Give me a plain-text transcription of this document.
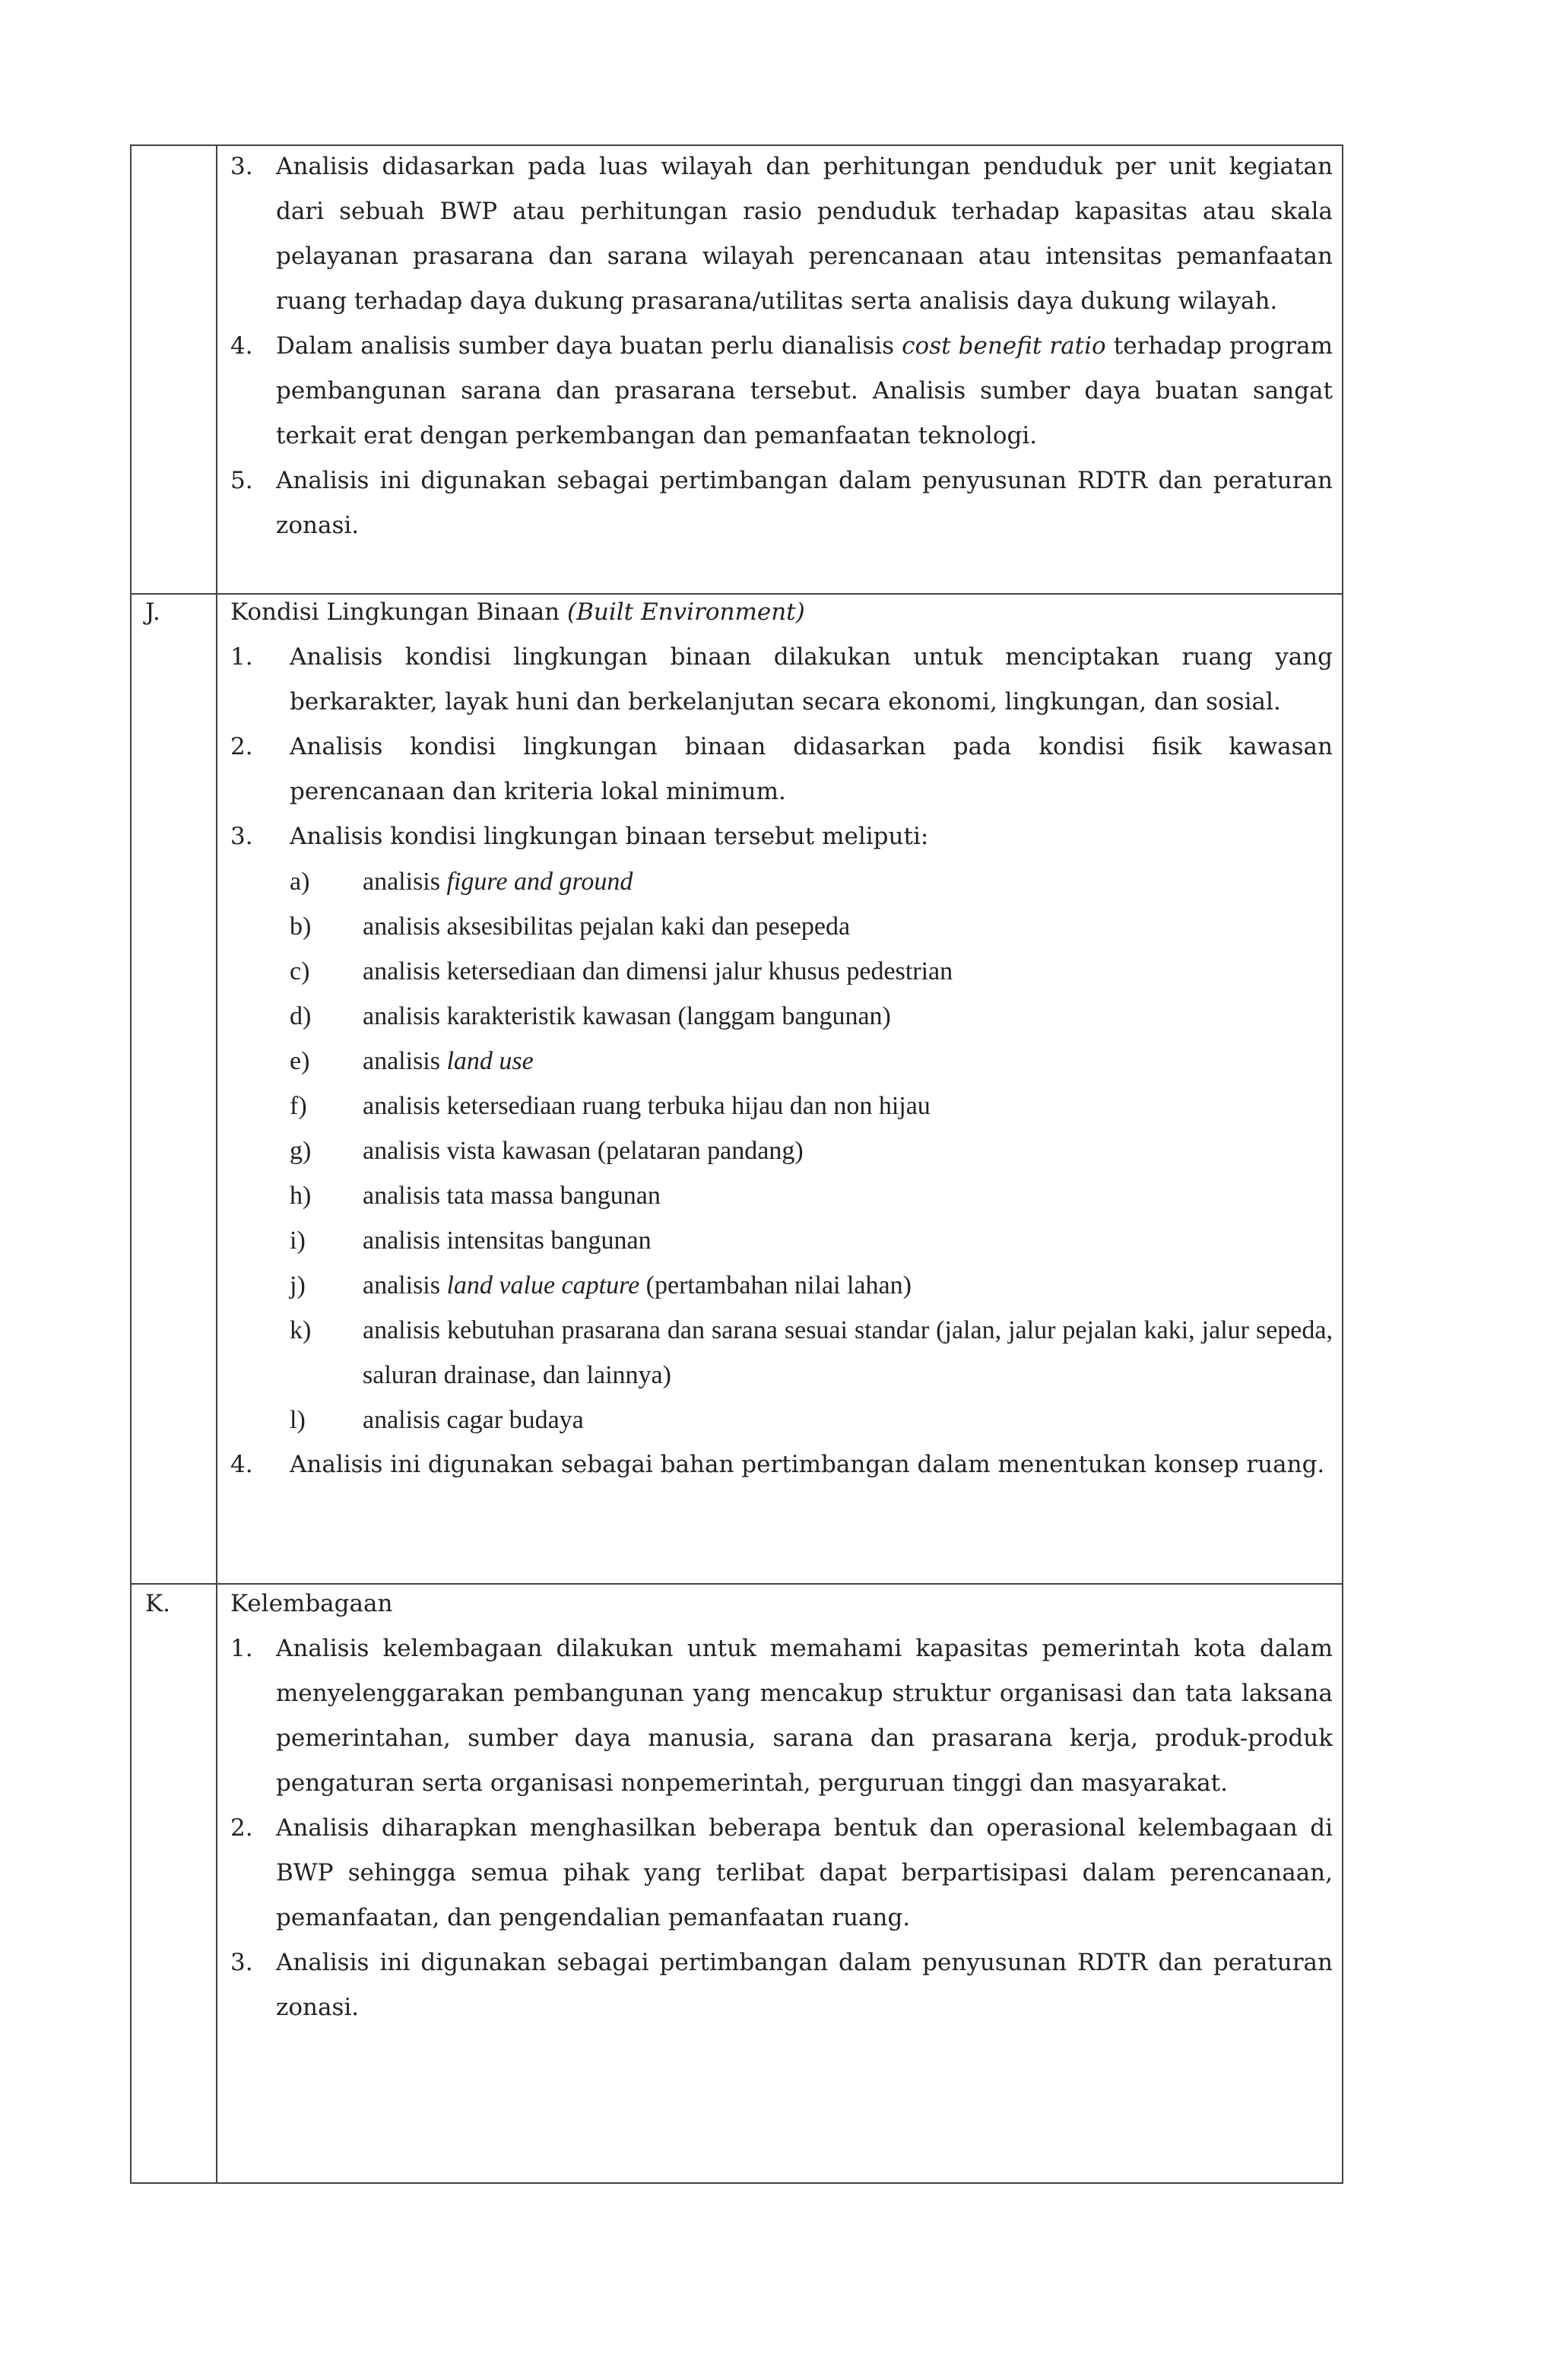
3. Analisis didasarkan pada luas wilayah dan perhitungan penduduk per unit kegiatan dari sebuah BWP atau perhitungan rasio penduduk terhadap kapasitas atau skala pelayanan prasarana dan sarana wilayah perencanaan atau intensitas pemanfaatan ruang terhadap daya dukung prasarana/utilitas serta analisis daya dukung wilayah.
4. Dalam analisis sumber daya buatan perlu dianalisis cost benefit ratio terhadap program pembangunan sarana dan prasarana tersebut. Analisis sumber daya buatan sangat terkait erat dengan perkembangan dan pemanfaatan teknologi.
5. Analisis ini digunakan sebagai pertimbangan dalam penyusunan RDTR dan peraturan zonasi.

J.	Kondisi Lingkungan Binaan (Built Environment)

1. Analisis kondisi lingkungan binaan dilakukan untuk menciptakan ruang yang berkarakter, layak huni dan berkelanjutan secara ekonomi, lingkungan, dan sosial.
2. Analisis kondisi lingkungan binaan didasarkan pada kondisi fisik kawasan perencanaan dan kriteria lokal minimum.
3. Analisis kondisi lingkungan binaan tersebut meliputi:
a) analisis figure and ground
b) analisis aksesibilitas pejalan kaki dan pesepeda
c) analisis ketersediaan dan dimensi jalur khusus pedestrian
d) analisis karakteristik kawasan (langgam bangunan)
e) analisis land use
f) analisis ketersediaan ruang terbuka hijau dan non hijau
g) analisis vista kawasan (pelataran pandang)
h) analisis tata massa bangunan
i) analisis intensitas bangunan
j) analisis land value capture (pertambahan nilai lahan)
k) analisis kebutuhan prasarana dan sarana sesuai standar (jalan, jalur pejalan kaki, jalur sepeda, saluran drainase, dan lainnya)
l) analisis cagar budaya
4. Analisis ini digunakan sebagai bahan pertimbangan dalam menentukan konsep ruang.

K.	Kelembagaan

1. Analisis kelembagaan dilakukan untuk memahami kapasitas pemerintah kota dalam menyelenggarakan pembangunan yang mencakup struktur organisasi dan tata laksana pemerintahan, sumber daya manusia, sarana dan prasarana kerja, produk-produk pengaturan serta organisasi nonpemerintah, perguruan tinggi dan masyarakat.
2. Analisis diharapkan menghasilkan beberapa bentuk dan operasional kelembagaan di BWP sehingga semua pihak yang terlibat dapat berpartisipasi dalam perencanaan, pemanfaatan, dan pengendalian pemanfaatan ruang.
3. Analisis ini digunakan sebagai pertimbangan dalam penyusunan RDTR dan peraturan zonasi.
